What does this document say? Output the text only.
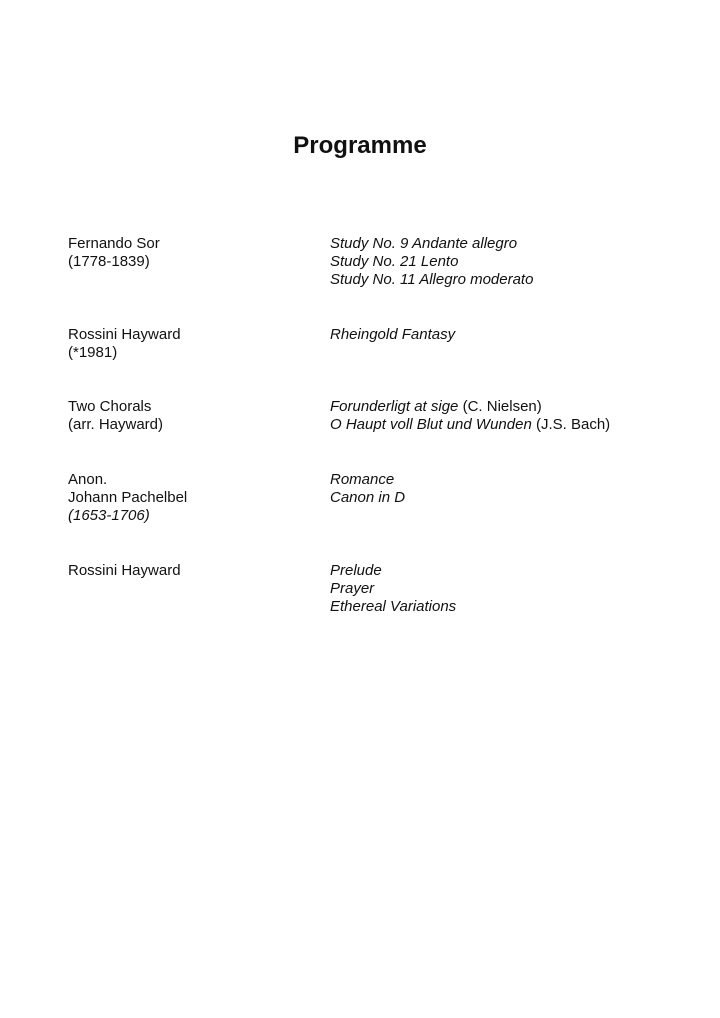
Programme
Fernando Sor
(1778-1839)
Study No. 9 Andante allegro
Study No. 21 Lento
Study No. 11 Allegro moderato
Rossini Hayward
(*1981)
Rheingold Fantasy
Two Chorals
(arr. Hayward)
Forunderligt at sige (C. Nielsen)
O Haupt voll Blut und Wunden (J.S. Bach)
Anon.
Johann Pachelbel
(1653-1706)
Romance
Canon in D
Rossini Hayward	Prelude
Prayer
Ethereal Variations
